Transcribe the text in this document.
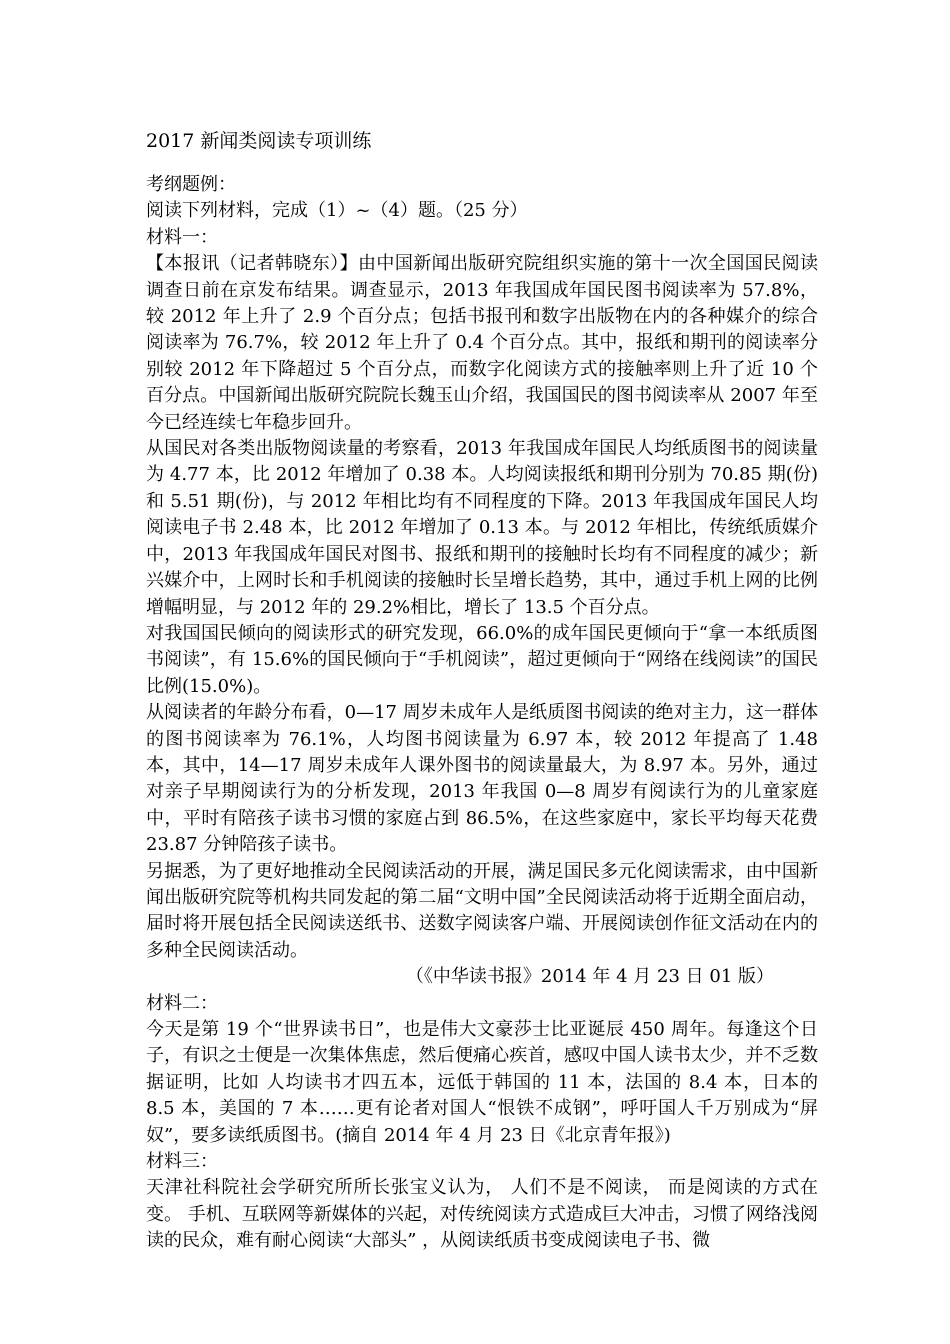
2017 新闻类阅读专项训练

考纲题例：

阅读下列材料，完成（1）~（4）题。（25 分）

材料一：

【本报讯（记者韩晓东）】由中国新闻出版研究院组织实施的第十一次全国国民阅读调查日前在京发布结果。调查显示，2013 年我国成年国民图书阅读率为 57.8%，较 2012 年上升了 2.9 个百分点；包括书报刊和数字出版物在内的各种媒介的综合阅读率为 76.7%，较 2012 年上升了 0.4 个百分点。其中，报纸和期刊的阅读率分别较 2012 年下降超过 5 个百分点，而数字化阅读方式的接触率则上升了近 10 个百分点。中国新闻出版研究院院长魏玉山介绍，我国国民的图书阅读率从 2007 年至今已经连续七年稳步回升。

从国民对各类出版物阅读量的考察看，2013 年我国成年国民人均纸质图书的阅读量为 4.77 本，比 2012 年增加了 0.38 本。人均阅读报纸和期刊分别为 70.85 期(份)和 5.51 期(份)，与 2012 年相比均有不同程度的下降。2013 年我国成年国民人均阅读电子书 2.48 本，比 2012 年增加了 0.13 本。与 2012 年相比，传统纸质媒介中，2013 年我国成年国民对图书、报纸和期刊的接触时长均有不同程度的减少；新兴媒介中，上网时长和手机阅读的接触时长呈增长趋势，其中，通过手机上网的比例增幅明显，与 2012 年的 29.2%相比，增长了 13.5 个百分点。

对我国国民倾向的阅读形式的研究发现，66.0%的成年国民更倾向于“拿一本纸质图书阅读”，有 15.6%的国民倾向于“手机阅读”，超过更倾向于“网络在线阅读”的国民比例(15.0%)。

从阅读者的年龄分布看，0—17 周岁未成年人是纸质图书阅读的绝对主力，这一群体的图书阅读率为 76.1%，人均图书阅读量为 6.97 本，较 2012 年提高了 1.48 本，其中，14—17 周岁未成年人课外图书的阅读量最大，为 8.97 本。另外，通过对亲子早期阅读行为的分析发现，2013 年我国 0—8 周岁有阅读行为的儿童家庭中，平时有陪孩子读书习惯的家庭占到 86.5%，在这些家庭中，家长平均每天花费 23.87 分钟陪孩子读书。

另据悉，为了更好地推动全民阅读活动的开展，满足国民多元化阅读需求，由中国新闻出版研究院等机构共同发起的第二届“文明中国”全民阅读活动将于近期全面启动，届时将开展包括全民阅读送纸书、送数字阅读客户端、开展阅读创作征文活动在内的多种全民阅读活动。

（《中华读书报》2014 年 4 月 23 日 01 版）

材料二：

今天是第 19 个“世界读书日”，也是伟大文豪莎士比亚诞辰 450 周年。每逢这个日子，有识之士便是一次集体焦虑，然后便痛心疾首，感叹中国人读书太少，并不乏数据证明，比如 人均读书才四五本，远低于韩国的 11 本，法国的 8.4 本，日本的 8.5 本，美国的 7 本……更有论者对国人“恨铁不成钢”，呼吁国人千万别成为“屏奴”，要多读纸质图书。(摘自 2014 年 4 月 23 日《北京青年报》)

材料三：

天津社科院社会学研究所所长张宝义认为， 人们不是不阅读， 而是阅读的方式在变。 手机、互联网等新媒体的兴起，对传统阅读方式造成巨大冲击，习惯了网络浅阅读的民众，难有耐心阅读“大部头” ，从阅读纸质书变成阅读电子书、微
